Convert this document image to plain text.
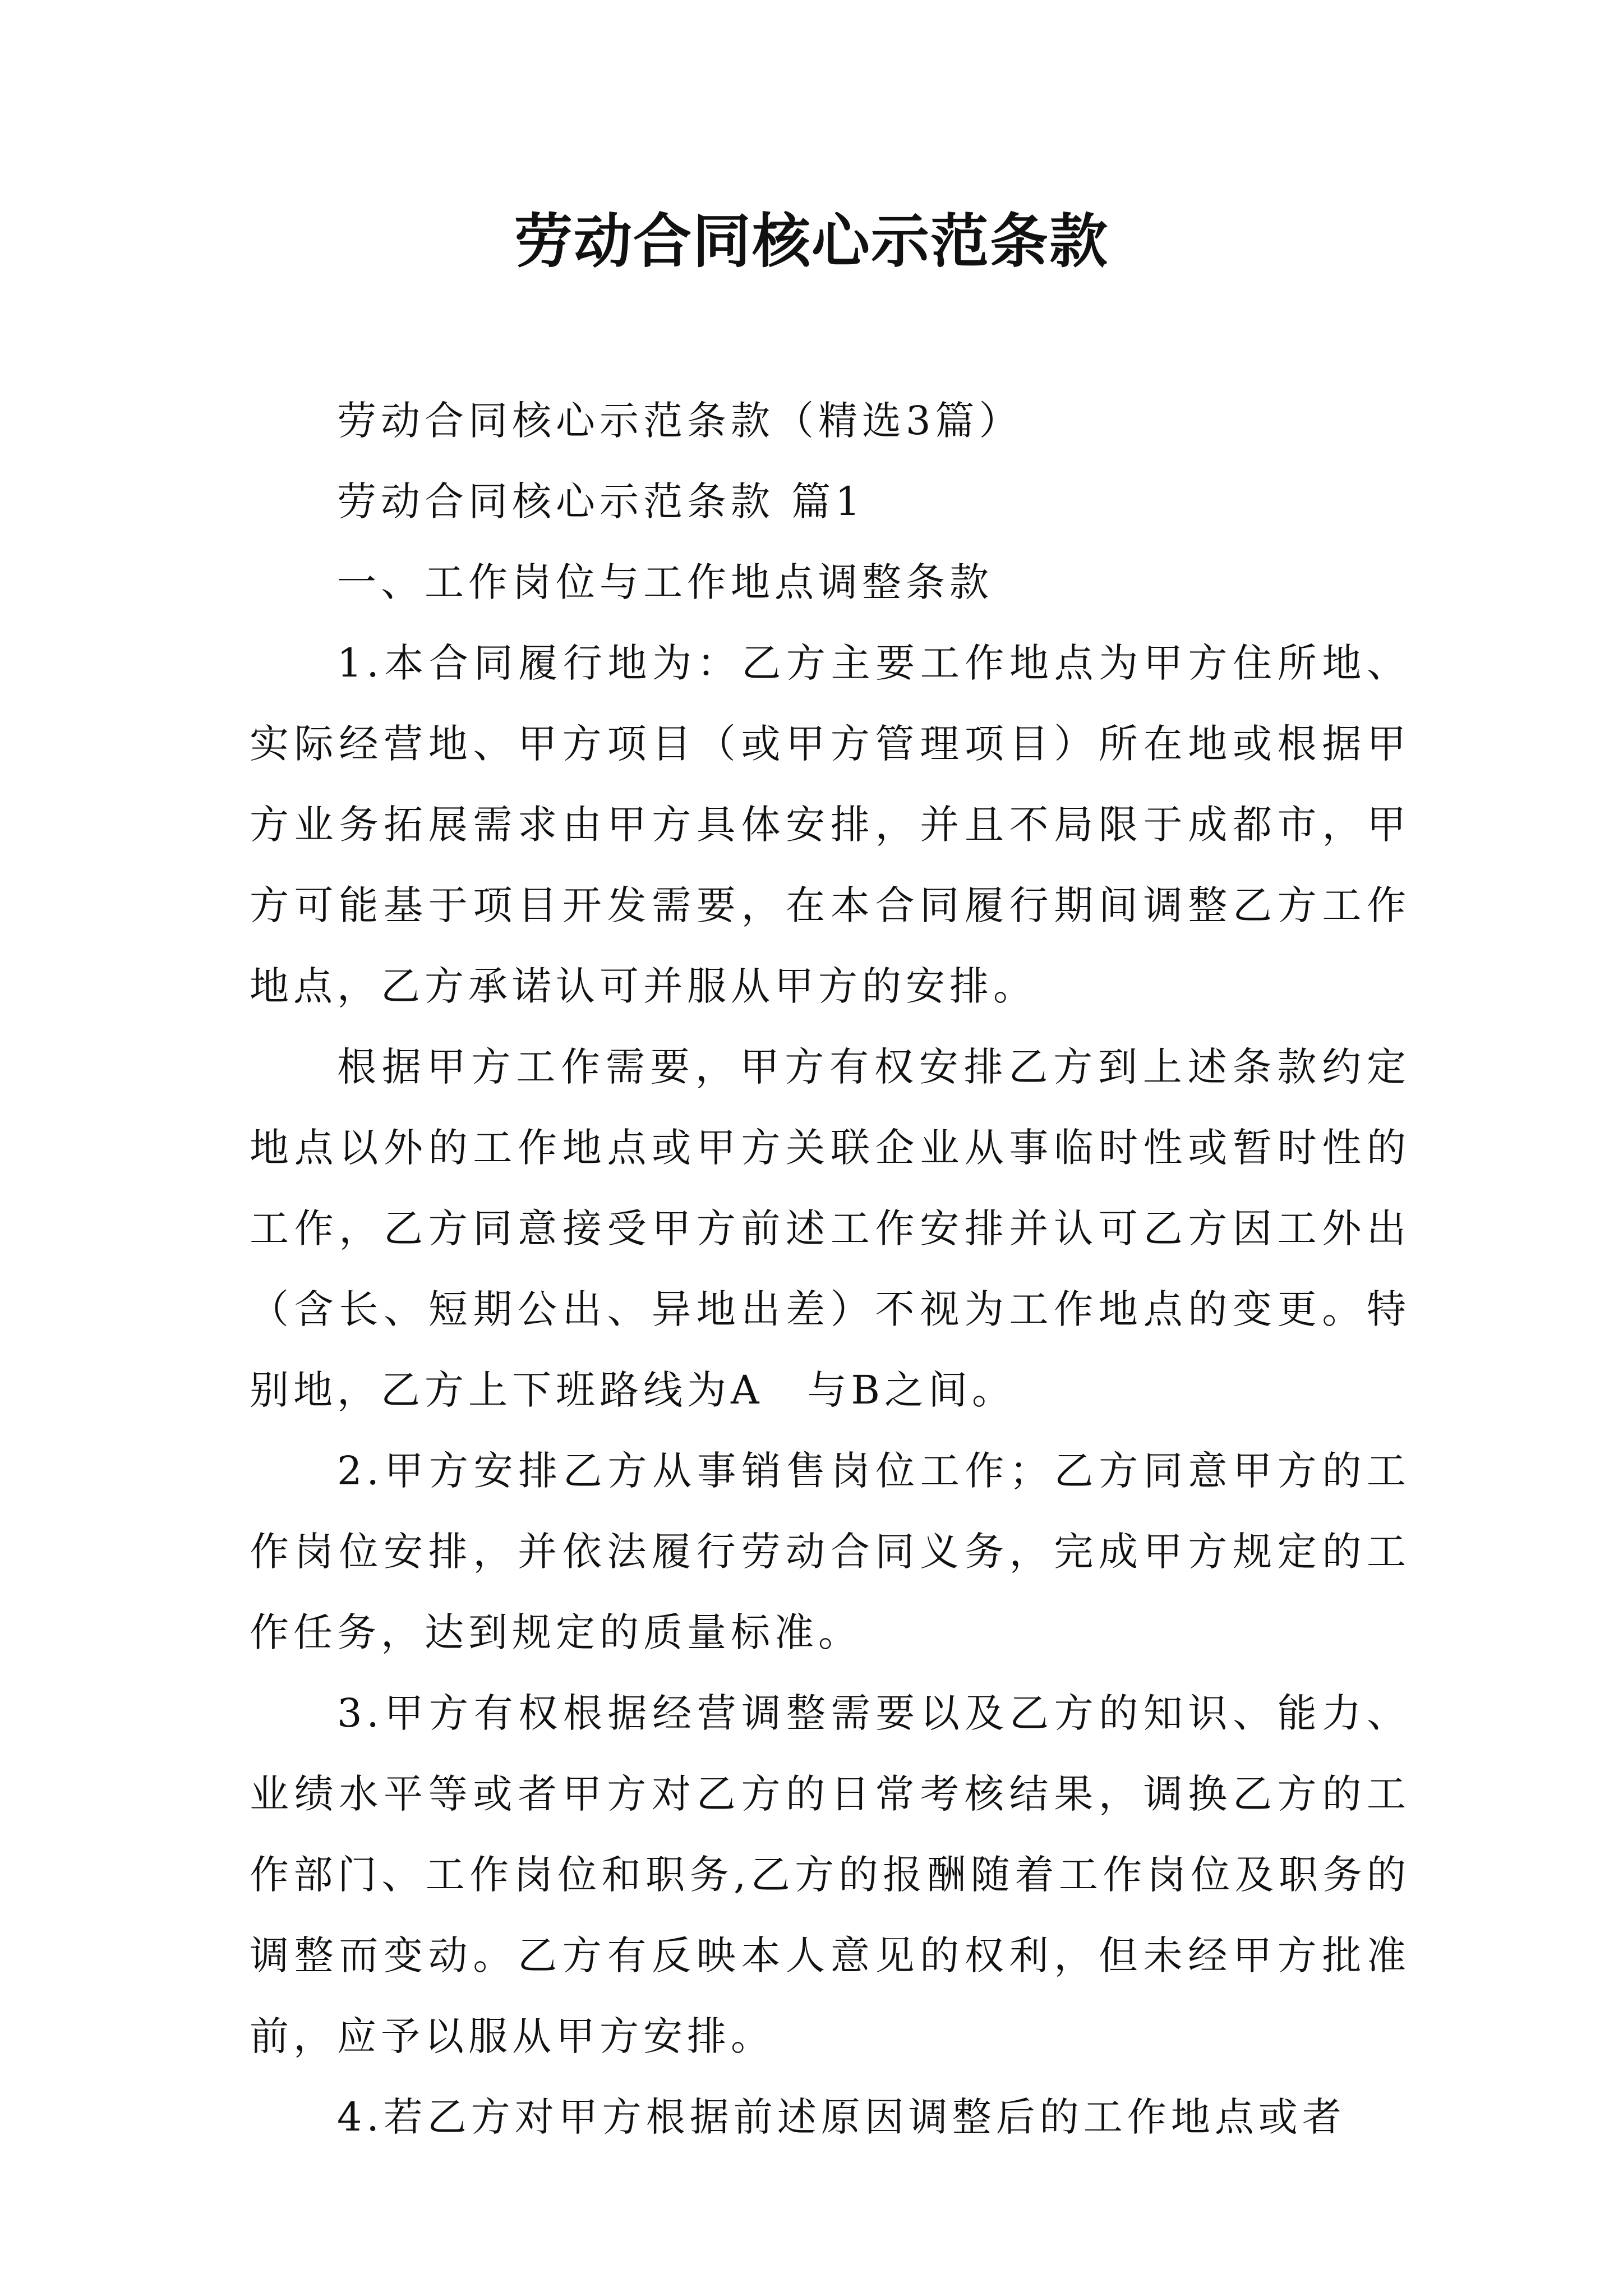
劳动合同核心示范条款

劳动合同核心示范条款（精选3篇）

劳动合同核心示范条款 篇1

一、工作岗位与工作地点调整条款

1.本合同履行地为：乙方主要工作地点为甲方住所地、实际经营地、甲方项目（或甲方管理项目）所在地或根据甲方业务拓展需求由甲方具体安排，并且不局限于成都市，甲方可能基于项目开发需要，在本合同履行期间调整乙方工作地点，乙方承诺认可并服从甲方的安排。

根据甲方工作需要，甲方有权安排乙方到上述条款约定地点以外的工作地点或甲方关联企业从事临时性或暂时性的工作，乙方同意接受甲方前述工作安排并认可乙方因工外出（含长、短期公出、异地出差）不视为工作地点的变更。特别地，乙方上下班路线为A　与B之间。

2.甲方安排乙方从事销售岗位工作；乙方同意甲方的工作岗位安排，并依法履行劳动合同义务，完成甲方规定的工作任务，达到规定的质量标准。

3.甲方有权根据经营调整需要以及乙方的知识、能力、业绩水平等或者甲方对乙方的日常考核结果，调换乙方的工作部门、工作岗位和职务,乙方的报酬随着工作岗位及职务的调整而变动。乙方有反映本人意见的权利，但未经甲方批准前，应予以服从甲方安排。

4.若乙方对甲方根据前述原因调整后的工作地点或者
